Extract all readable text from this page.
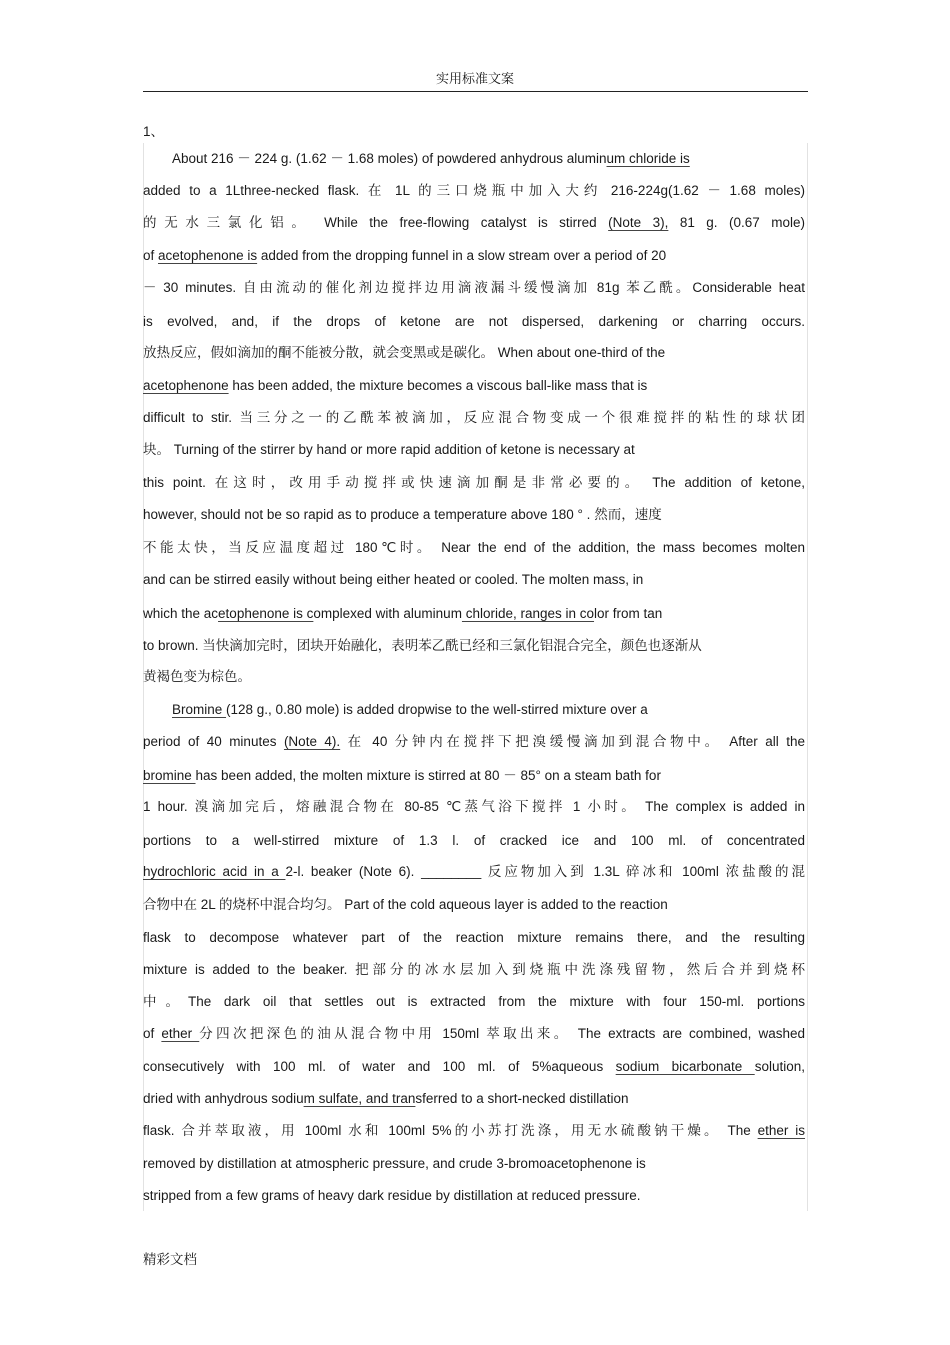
实用标准文案
1、
About 216 － 224 g. (1.62 － 1.68 moles) of powdered anhydrous aluminum chloride is
added to a 1Lthree-necked flask. 在 1L 的三口烧瓶中加入大约 216-224g(1.62 － 1.68 moles)
的无水三氯化铝。 While the free-flowing catalyst is stirred (Note 3), 81 g. (0.67 mole)
of acetophenone is added from the dropping funnel in a slow stream over a period of 20
－ 30 minutes. 自由流动的催化剂边搅拌边用滴液漏斗缓慢滴加 81g 苯乙酰。Considerable heat
is evolved, and, if the drops of ketone are not dispersed, darkening or charring occurs.
放热反应，假如滴加的酮不能被分散，就会变黑或是碳化。 When about one-third of the
acetophenone has been added, the mixture becomes a viscous ball-like mass that is
difficult to stir. 当三分之一的乙酰苯被滴加，反应混合物变成一个很难搅拌的粘性的球状团
块。 Turning of the stirrer by hand or more rapid addition of ketone is necessary at
this point. 在这时，改用手动搅拌或快速滴加酮是非常必要的。 The addition of ketone,
however, should not be so rapid as to produce a temperature above 180 ° . 然而，速度
不能太快，当反应温度超过 180℃时。 Near the end of the addition, the mass becomes molten
and can be stirred easily without being either heated or cooled. The molten mass, in
which the acetophenone is complexed with aluminum chloride, ranges in color from tan
to brown. 当快滴加完时，团块开始融化，表明苯乙酰已经和三氯化铝混合完全，颜色也逐渐从
黄褐色变为棕色。
Bromine (128 g., 0.80 mole) is added dropwise to the well-stirred mixture over a
period of 40 minutes (Note 4). 在 40 分钟内在搅拌下把溴缓慢滴加到混合物中。 After all the
bromine has been added, the molten mixture is stirred at 80 － 85° on a steam bath for
1 hour. 溴滴加完后，熔融混合物在 80-85 ℃蒸气浴下搅拌 1 小时。 The complex is added in
portions to a well-stirred mixture of 1.3 l. of cracked ice and 100 ml. of concentrated
hydrochloric acid in a 2-l. beaker (Note 6). ________ 反应物加入到 1.3L 碎冰和 100ml 浓盐酸的混
合物中在 2L 的烧杯中混合均匀。 Part of the cold aqueous layer is added to the reaction
flask to decompose whatever part of the reaction mixture remains there, and the resulting
mixture is added to the beaker. 把部分的冰水层加入到烧瓶中洗涤残留物，然后合并到烧杯
中。The dark oil that settles out is extracted from the mixture with four 150-ml. portions
of ether 分四次把深色的油从混合物中用 150ml 萃取出来。 The extracts are combined, washed
consecutively with 100 ml. of water and 100 ml. of 5%aqueous sodium bicarbonate solution,
dried with anhydrous sodium sulfate, and transferred to a short-necked distillation
flask. 合并萃取液，用 100ml 水和 100ml 5%的小苏打洗涤，用无水硫酸钠干燥。 The ether is
removed by distillation at atmospheric pressure, and crude 3-bromoacetophenone is
stripped from a few grams of heavy dark residue by distillation at reduced pressure.
精彩文档
